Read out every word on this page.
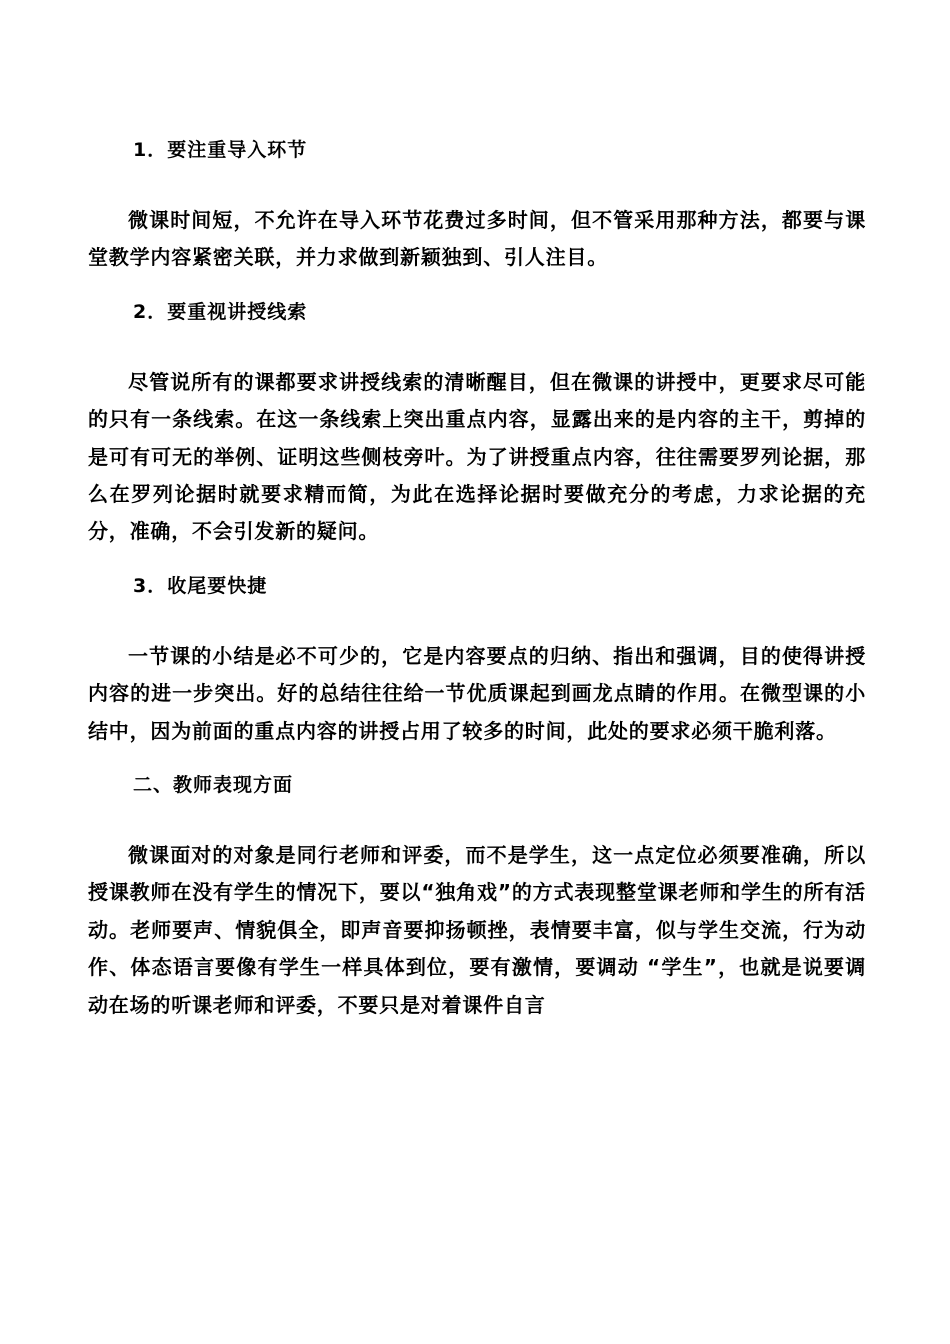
1．要注重导入环节

微课时间短，不允许在导入环节花费过多时间，但不管采用那种方法，都要与课堂教学内容紧密关联，并力求做到新颖独到、引人注目。

2．要重视讲授线索

尽管说所有的课都要求讲授线索的清晰醒目，但在微课的讲授中，更要求尽可能的只有一条线索。在这一条线索上突出重点内容，显露出来的是内容的主干，剪掉的是可有可无的举例、证明这些侧枝旁叶。为了讲授重点内容，往往需要罗列论据，那么在罗列论据时就要求精而简，为此在选择论据时要做充分的考虑，力求论据的充分，准确，不会引发新的疑问。

3．收尾要快捷

一节课的小结是必不可少的，它是内容要点的归纳、指出和强调，目的使得讲授内容的进一步突出。好的总结往往给一节优质课起到画龙点睛的作用。在微型课的小结中，因为前面的重点内容的讲授占用了较多的时间，此处的要求必须干脆利落。

二、教师表现方面

微课面对的对象是同行老师和评委，而不是学生，这一点定位必须要准确，所以授课教师在没有学生的情况下，要以“独角戏”的方式表现整堂课老师和学生的所有活动。老师要声、情貌俱全，即声音要抑扬顿挫，表情要丰富，似与学生交流，行为动作、体态语言要像有学生一样具体到位，要有激情，要调动 “学生”，也就是说要调动在场的听课老师和评委，不要只是对着课件自言
